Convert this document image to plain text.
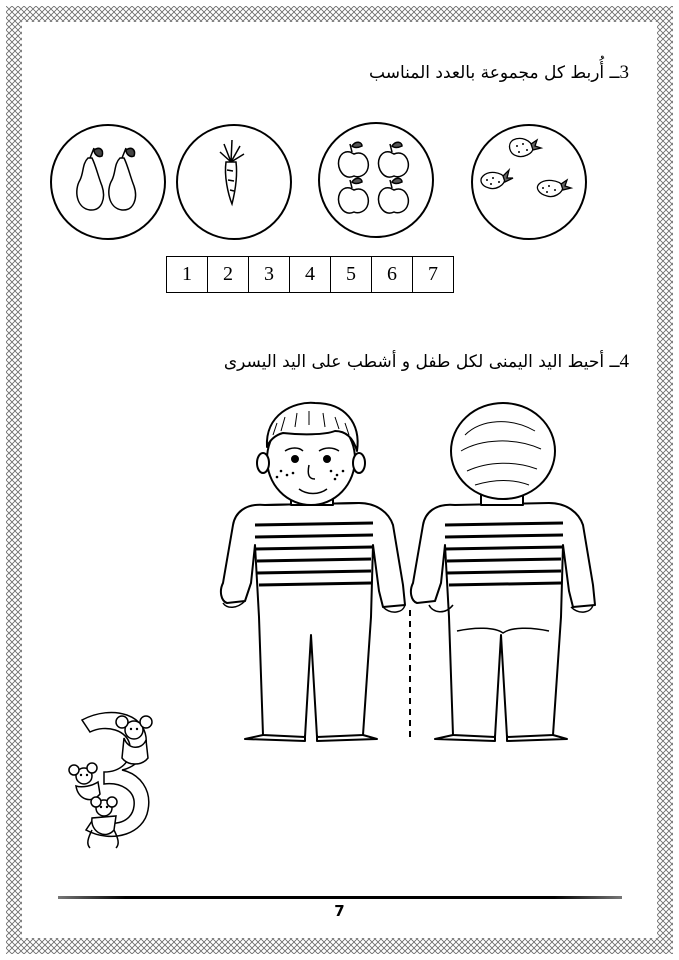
3ــ أُربط كل مجموعة بالعدد المناسب
1	2	3	4	5	6	7
4ــ أحيط اليد اليمنى لكل طفل و أشطب على اليد اليسرى
7
